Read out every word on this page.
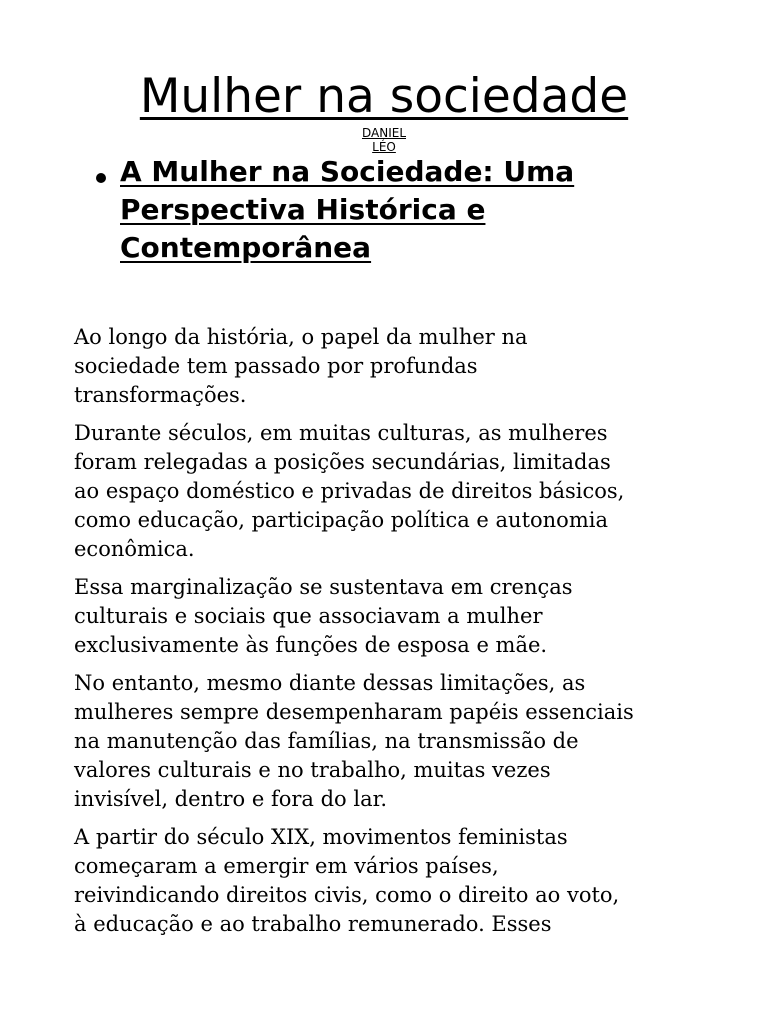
Mulher na sociedade
DANIEL
LÉO
A Mulher na Sociedade: Uma
Perspectiva Histórica e
Contemporânea

Ao longo da história, o papel da mulher na
sociedade tem passado por profundas
transformações.

Durante séculos, em muitas culturas, as mulheres
foram relegadas a posições secundárias, limitadas
ao espaço doméstico e privadas de direitos básicos,
como educação, participação política e autonomia
econômica.

Essa marginalização se sustentava em crenças
culturais e sociais que associavam a mulher
exclusivamente às funções de esposa e mãe.

No entanto, mesmo diante dessas limitações, as
mulheres sempre desempenharam papéis essenciais
na manutenção das famílias, na transmissão de
valores culturais e no trabalho, muitas vezes
invisível, dentro e fora do lar.

A partir do século XIX, movimentos feministas
começaram a emergir em vários países,
reivindicando direitos civis, como o direito ao voto,
à educação e ao trabalho remunerado. Esses
